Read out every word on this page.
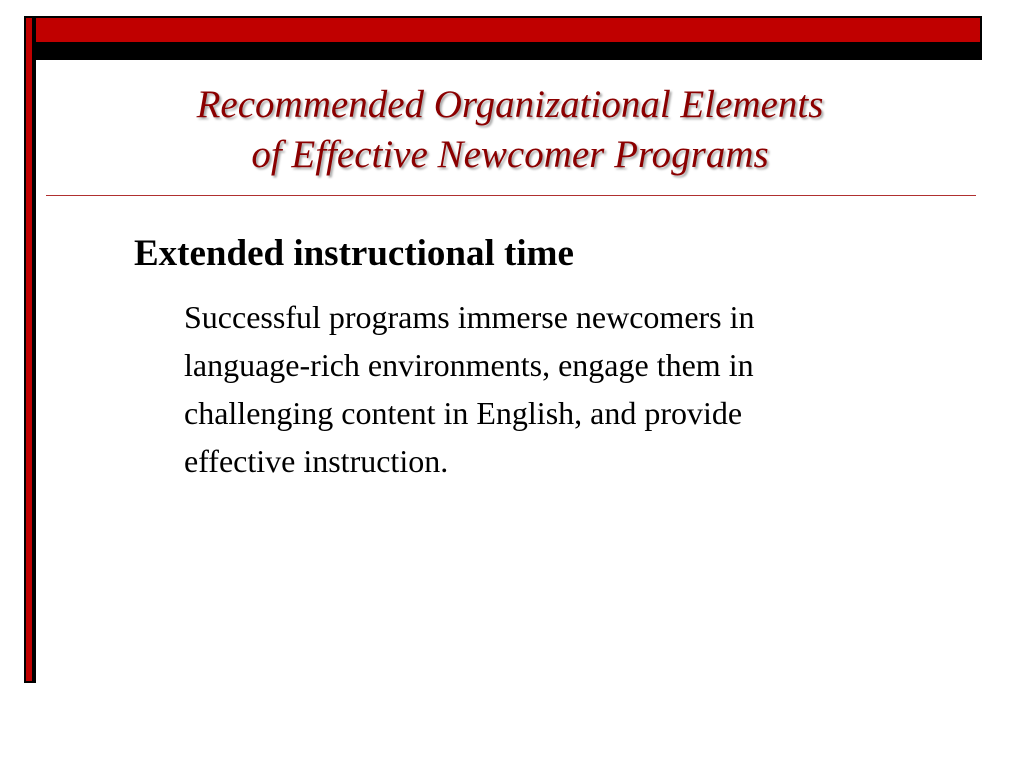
Recommended Organizational Elements
of Effective Newcomer Programs
Extended instructional time
Successful programs immerse newcomers in
language-rich environments, engage them in
challenging content in English, and provide
effective instruction.
